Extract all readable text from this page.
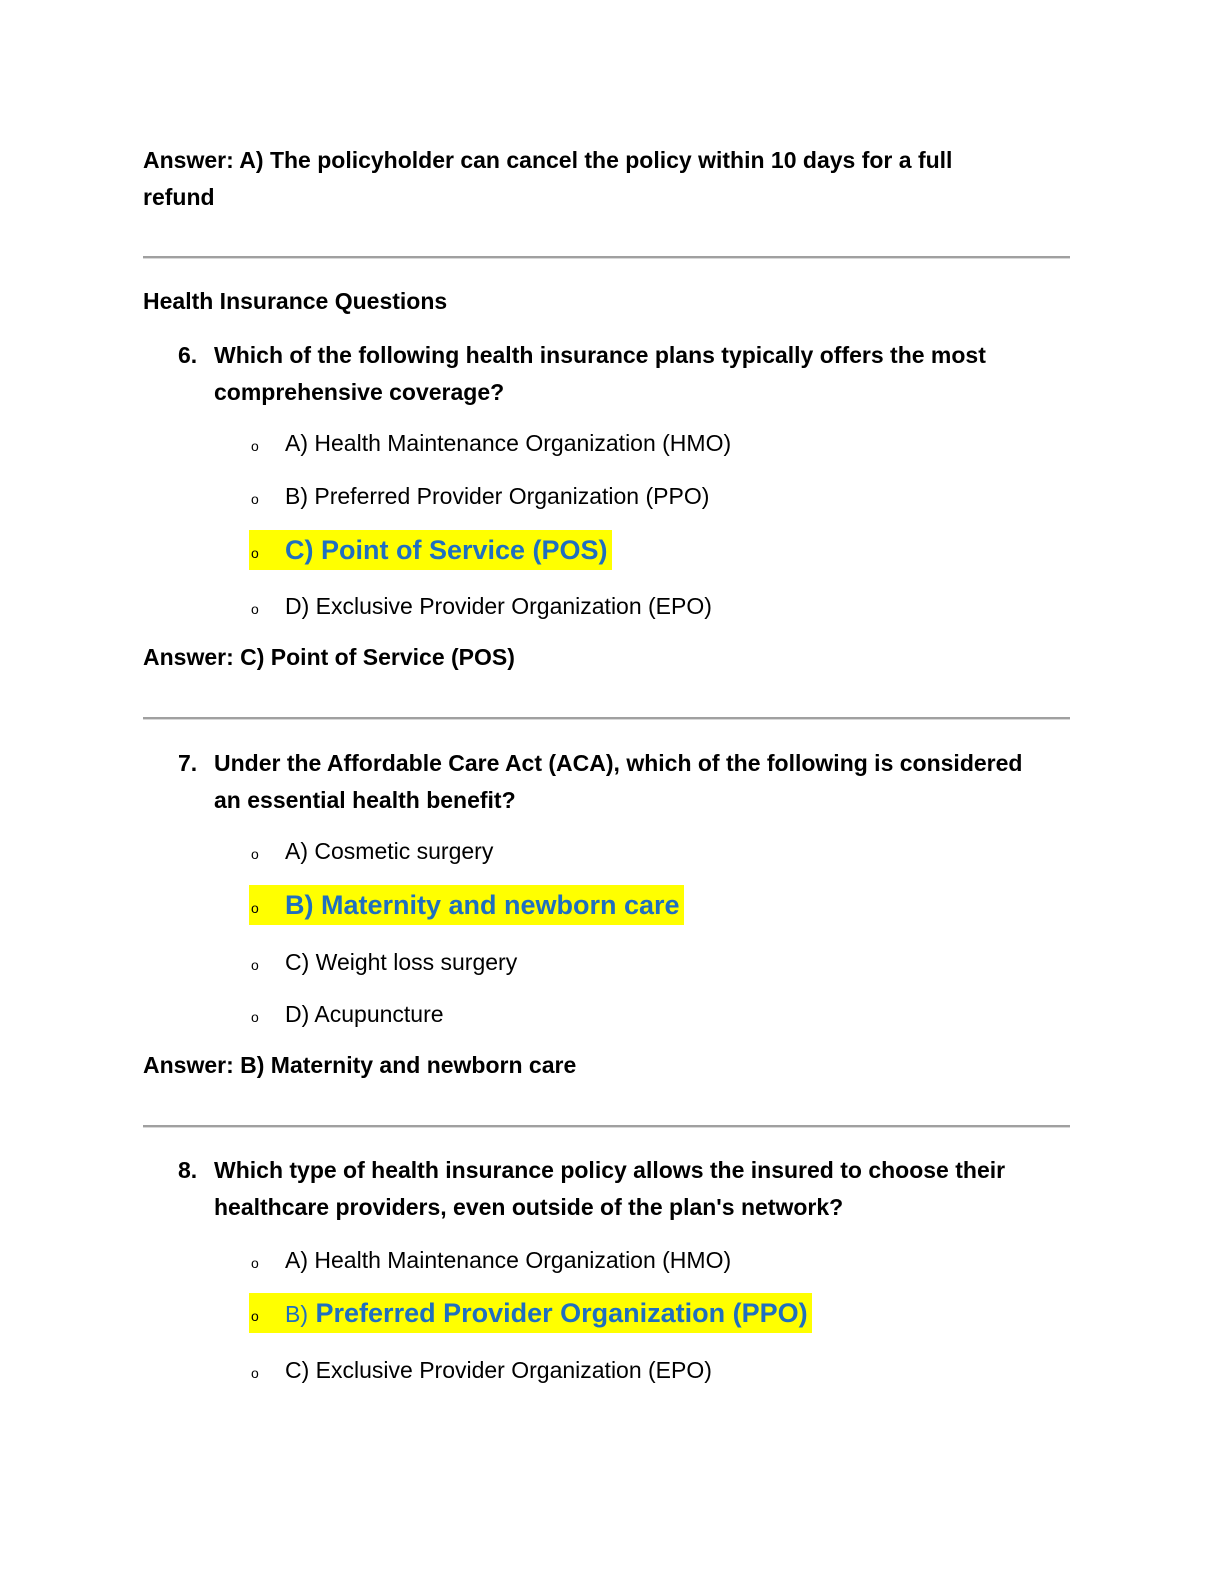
Answer: A) The policyholder can cancel the policy within 10 days for a full
refund
Health Insurance Questions
6. Which of the following health insurance plans typically offers the most
comprehensive coverage?
o	A) Health Maintenance Organization (HMO)
o	B) Preferred Provider Organization (PPO)
o C) Point of Service (POS)
o	D) Exclusive Provider Organization (EPO)
Answer: C) Point of Service (POS)
7. Under the Affordable Care Act (ACA), which of the following is considered
an essential health benefit?
o	A) Cosmetic surgery
o B) Maternity and newborn care
o	C) Weight loss surgery
o	D) Acupuncture
Answer: B) Maternity and newborn care
8. Which type of health insurance policy allows the insured to choose their
healthcare providers, even outside of the plan's network?
o	A) Health Maintenance Organization (HMO)
o	B) Preferred Provider Organization (PPO)
o	C) Exclusive Provider Organization (EPO)
